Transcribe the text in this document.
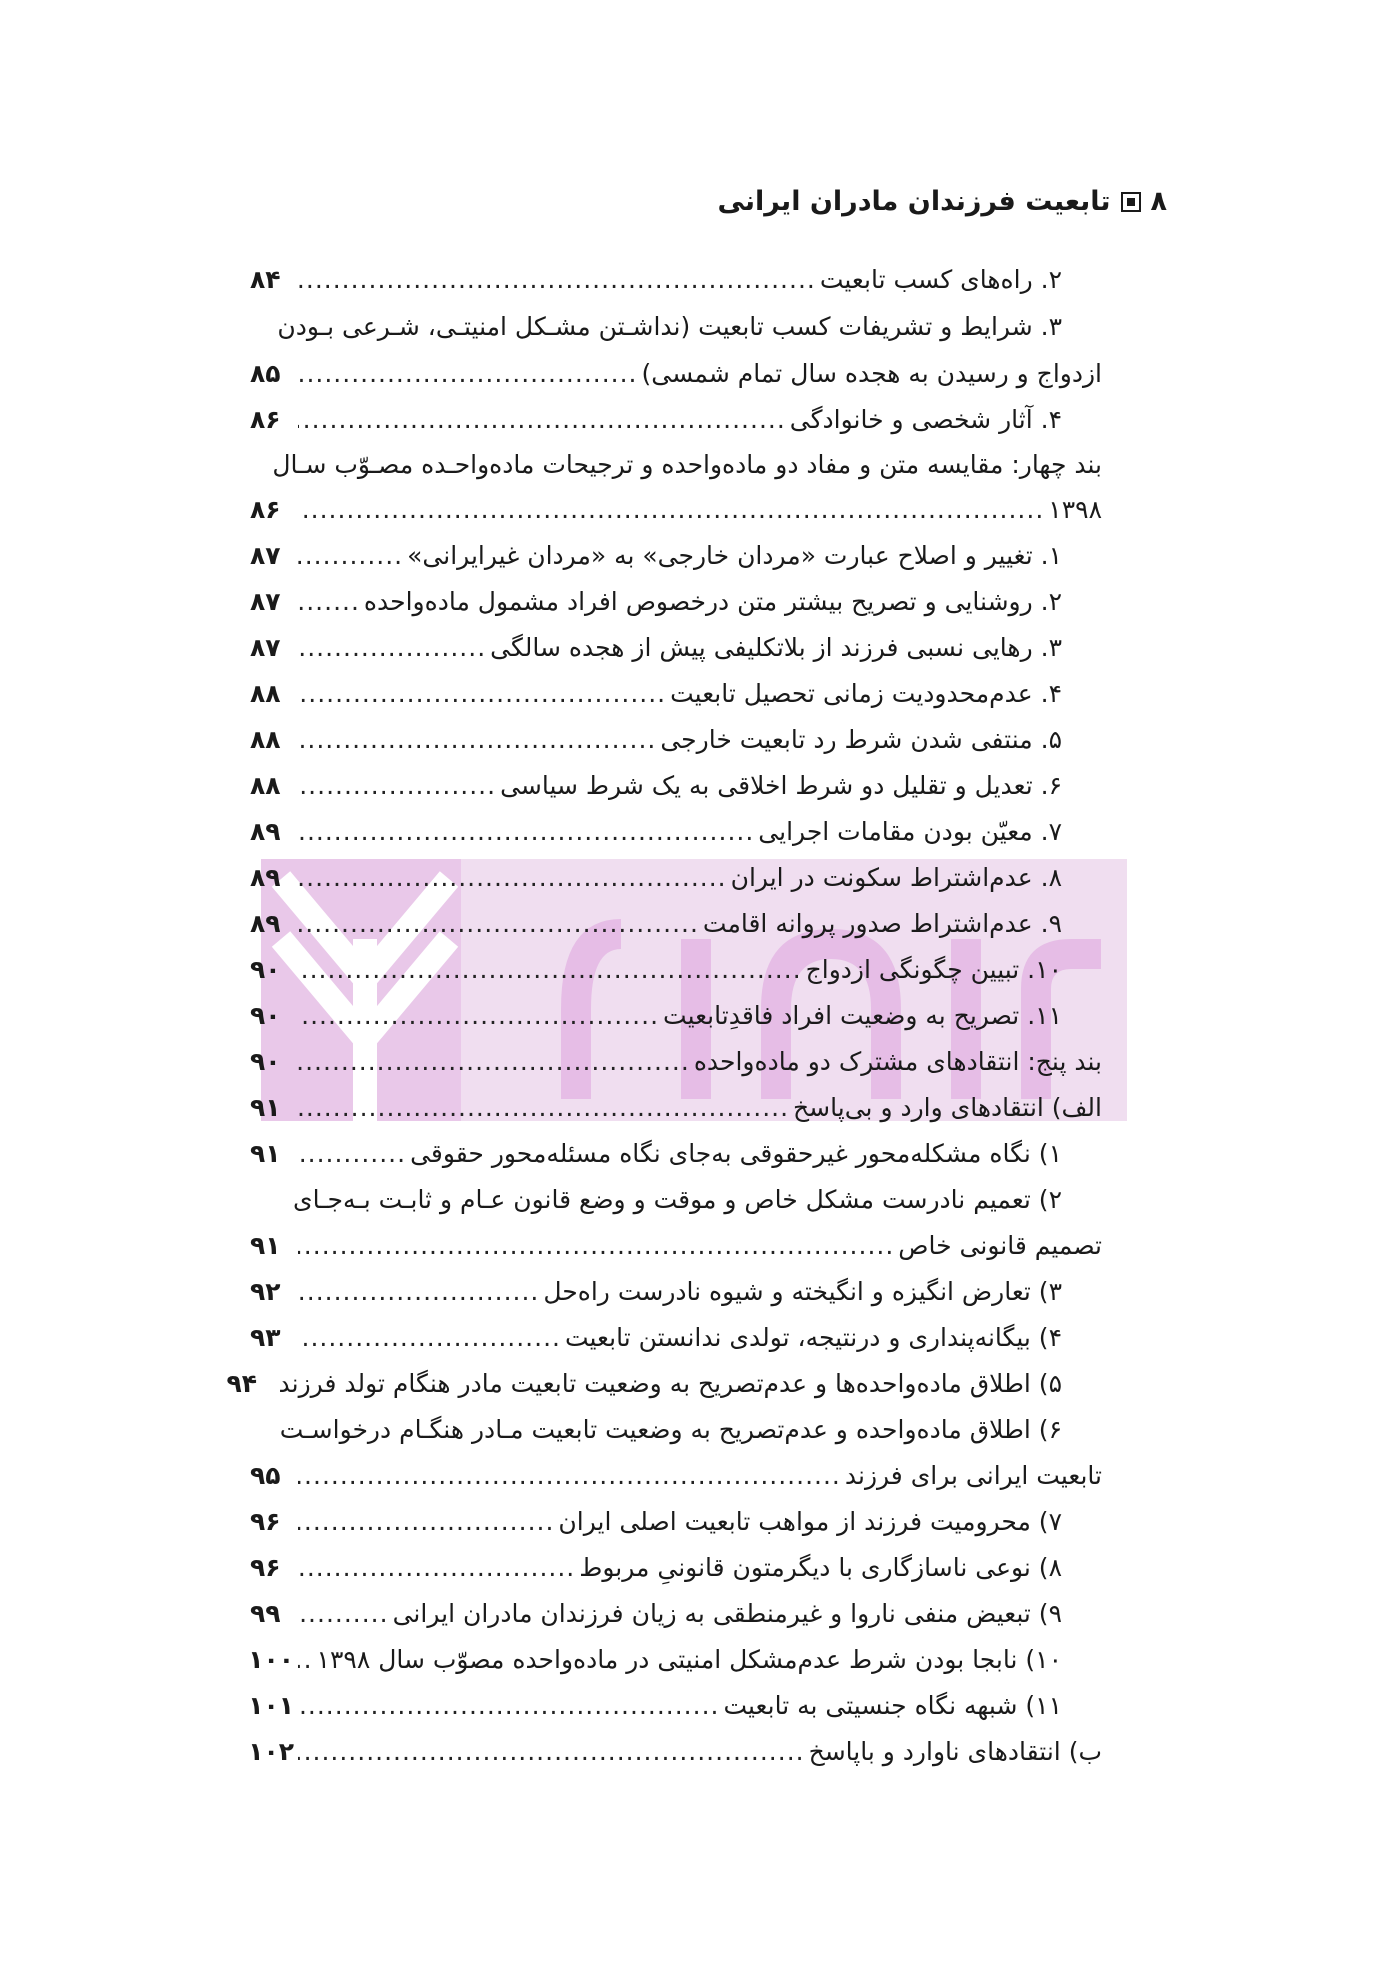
۸
تابعیت فرزندان مادران ایرانی
۲. راه‌های کسب تابعیت
.....
۸۴
۳. شرایط و تشریفات کسب تابعیت (نداشـتن مشـکل امنیتـی، شـرعی بـودن
ازدواج و رسیدن به هجده سال تمام شمسی)
.....
۸۵
۴. آثار شخصی و خانوادگی
.....
۸۶
بند چهار: مقایسه متن و مفاد دو ماده‌واحده و ترجیحات ماده‌واحـده مصـوّب سـال
۱۳۹۸
.....
۸۶
۱. تغییر و اصلاح عبارت «مردان خارجی» به «مردان غیرایرانی»
.....
۸۷
۲. روشنایی و تصریح بیشتر متن درخصوص افراد مشمول ماده‌واحده
.....
۸۷
۳. رهایی نسبی فرزند از بلاتکلیفی پیش از هجده سالگی
.....
۸۷
۴. عدم‌محدودیت زمانی تحصیل تابعیت
.....
۸۸
۵. منتفی شدن شرط رد تابعیت خارجی
.....
۸۸
۶. تعدیل و تقلیل دو شرط اخلاقی به یک شرط سیاسی
.....
۸۸
۷. معیّن بودن مقامات اجرایی
.....
۸۹
۸. عدم‌اشتراط سکونت در ایران
.....
۸۹
۹. عدم‌اشتراط صدور پروانه اقامت
.....
۸۹
۱۰. تبیین چگونگی ازدواج
.....
۹۰
۱۱. تصریح به وضعیت افراد فاقدِتابعیت
.....
۹۰
بند پنج: انتقادهای مشترک دو ماده‌واحده
.....
۹۰
الف) انتقادهای وارد و بی‌پاسخ
.....
۹۱
۱) نگاه مشکله‌محور غیرحقوقی به‌جای نگاه مسئله‌محور حقوقی
.....
۹۱
۲) تعمیم نادرست مشکل خاص و موقت و وضع قانون عـام و ثابـت بـه‌جـای
تصمیم قانونی خاص
.....
۹۱
۳) تعارض انگیزه و انگیخته و شیوه نادرست راه‌حل
.....
۹۲
۴) بیگانه‌پنداری و درنتیجه، تولدی ندانستن تابعیت
.....
۹۳
۵) اطلاق ماده‌واحده‌ها و عدم‌تصریح به وضعیت تابعیت مادر هنگام تولد فرزند
۹۴
۶) اطلاق ماده‌واحده و عدم‌تصریح به وضعیت تابعیت مـادر هنگـام درخواسـت
تابعیت ایرانی برای فرزند
.....
۹۵
۷) محرومیت فرزند از مواهب تابعیت اصلی ایران
.....
۹۶
۸) نوعی ناسازگاری با دیگرمتون قانونیِ مربوط
.....
۹۶
۹) تبعیض منفی ناروا و غیرمنطقی به زیان فرزندان مادران ایرانی
.....
۹۹
۱۰) نابجا بودن شرط عدم‌مشکل امنیتی در ماده‌واحده مصوّب سال ۱۳۹۸
.....
۱۰۰
۱۱) شبهه نگاه جنسیتی به تابعیت
.....
۱۰۱
ب) انتقادهای ناوارد و باپاسخ
.....
۱۰۲
